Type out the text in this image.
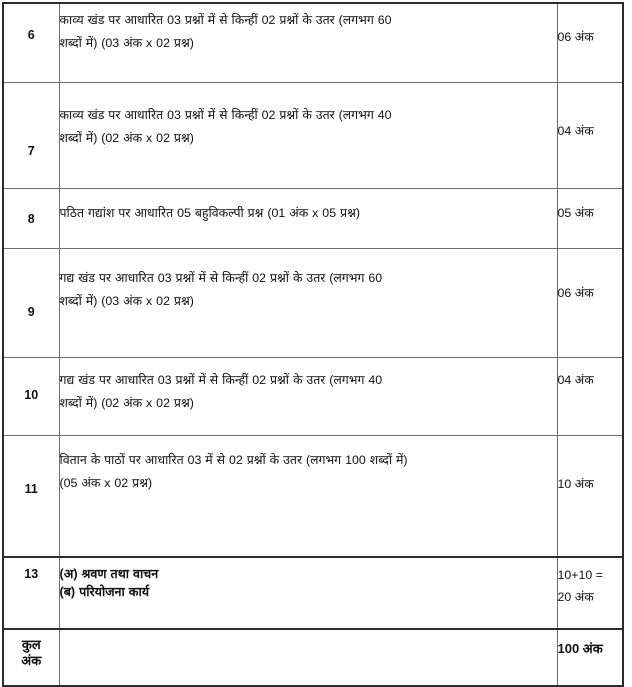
6	काव्य खंड पर आधारित 03 प्रश्नों में से किन्हीं 02 प्रश्नों के उतर (लगभग 60
शब्दों में) (03 अंक x 02 प्रश्न)	06 अंक

7	काव्य खंड पर आधारित 03 प्रश्नों में से किन्हीं 02 प्रश्नों के उतर (लगभग 40
शब्दों में) (02 अंक x 02 प्रश्न)	04 अंक

8	पठित गद्यांश पर आधारित 05 बहुविकल्पी प्रश्न (01 अंक x 05 प्रश्न)	05 अंक

9	गद्य खंड पर आधारित 03 प्रश्नों में से किन्हीं 02 प्रश्नों के उतर (लगभग 60
शब्दों में) (03 अंक x 02 प्रश्न)	06 अंक

10	गद्य खंड पर आधारित 03 प्रश्नों में से किन्हीं 02 प्रश्नों के उतर (लगभग 40
शब्दों में) (02 अंक x 02 प्रश्न)	04 अंक

11	वितान के पाठों पर आधारित 03 में से 02 प्रश्नों के उतर (लगभग 100 शब्दों में)
(05 अंक x 02 प्रश्न)	10 अंक

13	(अ) श्रवण तथा वाचन
(ब) परियोजना कार्य	10+10 =
20 अंक

कुल
अंक		100 अंक
